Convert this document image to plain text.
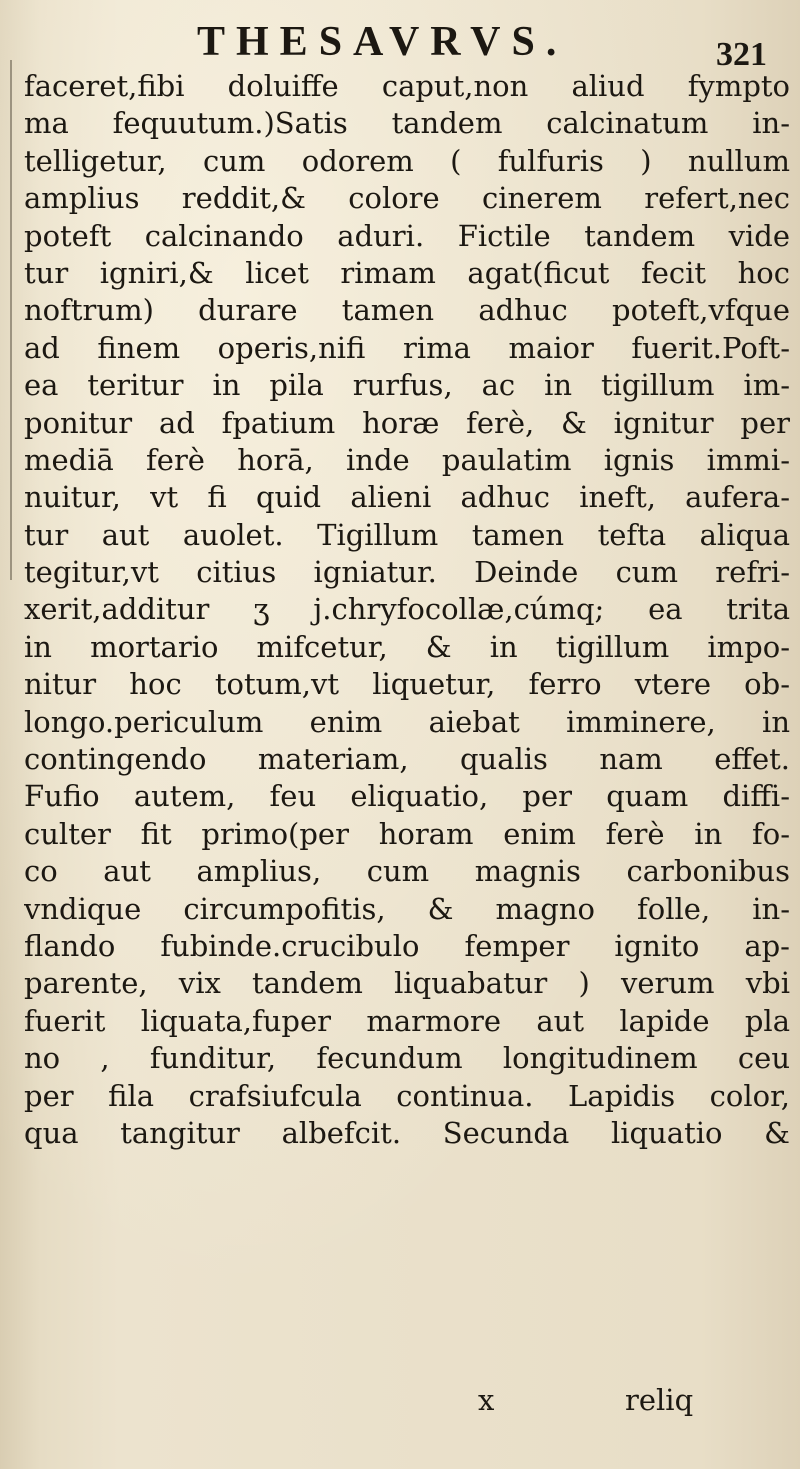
THESAVRVS.	321
faceret,fibi doluiffe caput,non aliud fympto
ma fequutum.)Satis tandem calcinatum in-
telligetur, cum odorem ( fulfuris ) nullum
amplius reddit,& colore cinerem refert,nec
poteft calcinando aduri. Fictile tandem vide
tur igniri,& licet rimam agat(ficut fecit hoc
noftrum) durare tamen adhuc poteft,vfque
ad finem operis,nifi rima maior fuerit.Poft-
ea teritur in pila rurfus, ac in tigillum im-
ponitur ad fpatium horæ ferè, & ignitur per
mediā ferè horā, inde paulatim ignis immi-
nuitur, vt fi quid alieni adhuc ineft, aufera-
tur aut auolet. Tigillum tamen tefta aliqua
tegitur,vt citius igniatur. Deinde cum refri-
xerit,additur ʒ j.chryfocollæ,cúmq; ea trita
in mortario mifcetur, & in tigillum impo-
nitur hoc totum,vt liquetur, ferro vtere ob-
longo.periculum enim aiebat imminere, in
contingendo materiam, qualis nam effet.
Fufio autem, feu eliquatio, per quam diffi-
culter fit primo(per horam enim ferè in fo-
co aut amplius, cum magnis carbonibus
vndique circumpofitis, & magno folle, in-
flando fubinde.crucibulo femper ignito ap-
parente, vix tandem liquabatur ) verum vbi
fuerit liquata,fuper marmore aut lapide pla
no , funditur, fecundum longitudinem ceu
per fila crafsiufcula continua. Lapidis color,
qua tangitur albefcit. Secunda liquatio &
x	reliq
